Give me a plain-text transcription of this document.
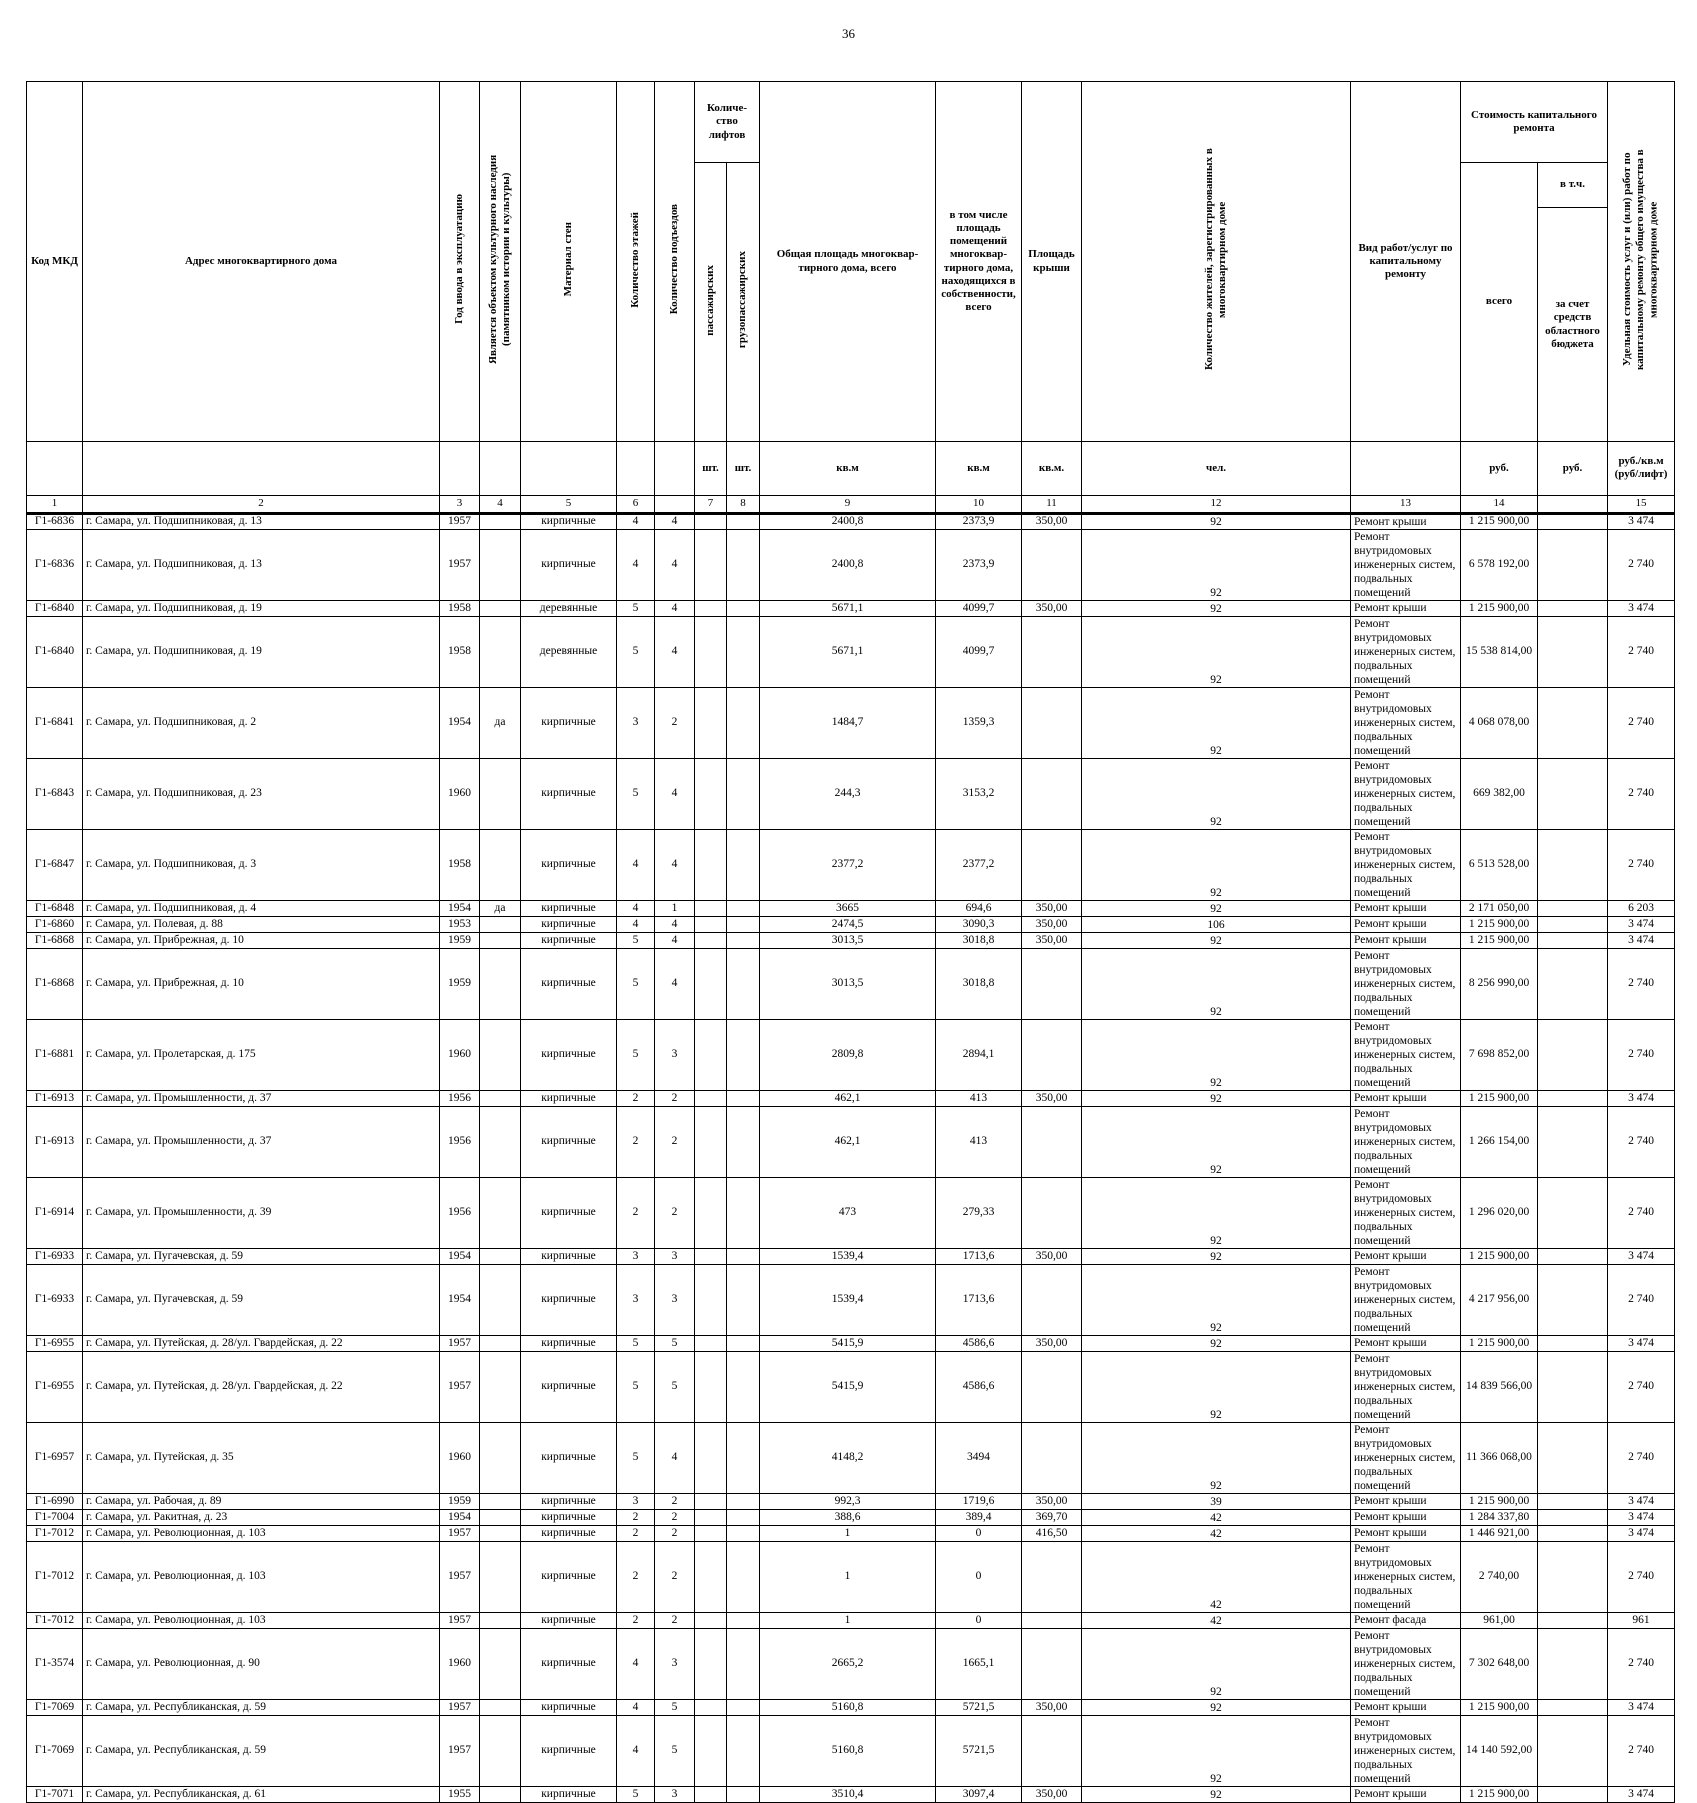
36
Код МКД	Адрес многоквартирного дома	Год ввода в эксплуатацию	Является объектом культурного наследия (памятником истории и культуры)	Материал стен	Количество этажей	Количество подъездов	Количе-ство лифтов		Общая площадь многоквар-тирного дома, всего	в том числе площадь помещений многоквар-тирного дома, находящихся в собственности, всего	Площадь крыши	Количество жителей, зарегистрированных в многоквартирном доме	Вид работ/услуг по капитальному ремонту	Стоимость капитального ремонта		Удельная стоимость услуг и (или) работ по капитальному ремонту общего имущества в многоквартирном доме	
							пассажирских	грузопассажирских						всего	в т.ч.		
															за счет средств областного бюджета		
							шт.	шт.	кв.м	кв.м	кв.м.	чел.		руб.	руб.	руб./кв.м (руб/лифт)	
1	2	3	4	5	6		7	8	9	10	11	12	13	14		15	
Г1-6836	г. Самара, ул. Подшипниковая, д. 13	1957		кирпичные	4	4			2400,8	2373,9	350,00	92	Ремонт крыши	1 215 900,00		3 474	
Г1-6836	г. Самара, ул. Подшипниковая, д. 13	1957		кирпичные	4	4			2400,8	2373,9		92	Ремонт внутридомовых инженерных систем, подвальных помещений	6 578 192,00		2 740	
Г1-6840	г. Самара, ул. Подшипниковая, д. 19	1958		деревянные	5	4			5671,1	4099,7	350,00	92	Ремонт крыши	1 215 900,00		3 474	
Г1-6840	г. Самара, ул. Подшипниковая, д. 19	1958		деревянные	5	4			5671,1	4099,7		92	Ремонт внутридомовых инженерных систем, подвальных помещений	15 538 814,00		2 740	
Г1-6841	г. Самара, ул. Подшипниковая, д. 2	1954	да	кирпичные	3	2			1484,7	1359,3		92	Ремонт внутридомовых инженерных систем, подвальных помещений	4 068 078,00		2 740	
Г1-6843	г. Самара, ул. Подшипниковая, д. 23	1960		кирпичные	5	4			244,3	3153,2		92	Ремонт внутридомовых инженерных систем, подвальных помещений	669 382,00		2 740	
Г1-6847	г. Самара, ул. Подшипниковая, д. 3	1958		кирпичные	4	4			2377,2	2377,2		92	Ремонт внутридомовых инженерных систем, подвальных помещений	6 513 528,00		2 740	
Г1-6848	г. Самара, ул. Подшипниковая, д. 4	1954	да	кирпичные	4	1			3665	694,6	350,00	92	Ремонт крыши	2 171 050,00		6 203	
Г1-6860	г. Самара, ул. Полевая, д. 88	1953		кирпичные	4	4			2474,5	3090,3	350,00	106	Ремонт крыши	1 215 900,00		3 474	
Г1-6868	г. Самара, ул. Прибрежная, д. 10	1959		кирпичные	5	4			3013,5	3018,8	350,00	92	Ремонт крыши	1 215 900,00		3 474	
Г1-6868	г. Самара, ул. Прибрежная, д. 10	1959		кирпичные	5	4			3013,5	3018,8		92	Ремонт внутридомовых инженерных систем, подвальных помещений	8 256 990,00		2 740	
Г1-6881	г. Самара, ул. Пролетарская, д. 175	1960		кирпичные	5	3			2809,8	2894,1		92	Ремонт внутридомовых инженерных систем, подвальных помещений	7 698 852,00		2 740	
Г1-6913	г. Самара, ул. Промышленности, д. 37	1956		кирпичные	2	2			462,1	413	350,00	92	Ремонт крыши	1 215 900,00		3 474	
Г1-6913	г. Самара, ул. Промышленности, д. 37	1956		кирпичные	2	2			462,1	413		92	Ремонт внутридомовых инженерных систем, подвальных помещений	1 266 154,00		2 740	
Г1-6914	г. Самара, ул. Промышленности, д. 39	1956		кирпичные	2	2			473	279,33		92	Ремонт внутридомовых инженерных систем, подвальных помещений	1 296 020,00		2 740	
Г1-6933	г. Самара, ул. Пугачевская, д. 59	1954		кирпичные	3	3			1539,4	1713,6	350,00	92	Ремонт крыши	1 215 900,00		3 474	
Г1-6933	г. Самара, ул. Пугачевская, д. 59	1954		кирпичные	3	3			1539,4	1713,6		92	Ремонт внутридомовых инженерных систем, подвальных помещений	4 217 956,00		2 740	
Г1-6955	г. Самара, ул. Путейская, д. 28/ул. Гвардейская, д. 22	1957		кирпичные	5	5			5415,9	4586,6	350,00	92	Ремонт крыши	1 215 900,00		3 474	
Г1-6955	г. Самара, ул. Путейская, д. 28/ул. Гвардейская, д. 22	1957		кирпичные	5	5			5415,9	4586,6		92	Ремонт внутридомовых инженерных систем, подвальных помещений	14 839 566,00		2 740	
Г1-6957	г. Самара, ул. Путейская, д. 35	1960		кирпичные	5	4			4148,2	3494		92	Ремонт внутридомовых инженерных систем, подвальных помещений	11 366 068,00		2 740	
Г1-6990	г. Самара, ул. Рабочая, д. 89	1959		кирпичные	3	2			992,3	1719,6	350,00	39	Ремонт крыши	1 215 900,00		3 474	
Г1-7004	г. Самара, ул. Ракитная, д. 23	1954		кирпичные	2	2			388,6	389,4	369,70	42	Ремонт крыши	1 284 337,80		3 474	
Г1-7012	г. Самара, ул. Революционная, д. 103	1957		кирпичные	2	2			1	0	416,50	42	Ремонт крыши	1 446 921,00		3 474	
Г1-7012	г. Самара, ул. Революционная, д. 103	1957		кирпичные	2	2			1	0		42	Ремонт внутридомовых инженерных систем, подвальных помещений	2 740,00		2 740	
Г1-7012	г. Самара, ул. Революционная, д. 103	1957		кирпичные	2	2			1	0		42	Ремонт фасада	961,00		961	
Г1-3574	г. Самара, ул. Революционная, д. 90	1960		кирпичные	4	3			2665,2	1665,1		92	Ремонт внутридомовых инженерных систем, подвальных помещений	7 302 648,00		2 740	
Г1-7069	г. Самара, ул. Республиканская, д. 59	1957		кирпичные	4	5			5160,8	5721,5	350,00	92	Ремонт крыши	1 215 900,00		3 474	
Г1-7069	г. Самара, ул. Республиканская, д. 59	1957		кирпичные	4	5			5160,8	5721,5		92	Ремонт внутридомовых инженерных систем, подвальных помещений	14 140 592,00		2 740	
Г1-7071	г. Самара, ул. Республиканская, д. 61	1955		кирпичные	5	3			3510,4	3097,4	350,00	92	Ремонт крыши	1 215 900,00		3 474	
